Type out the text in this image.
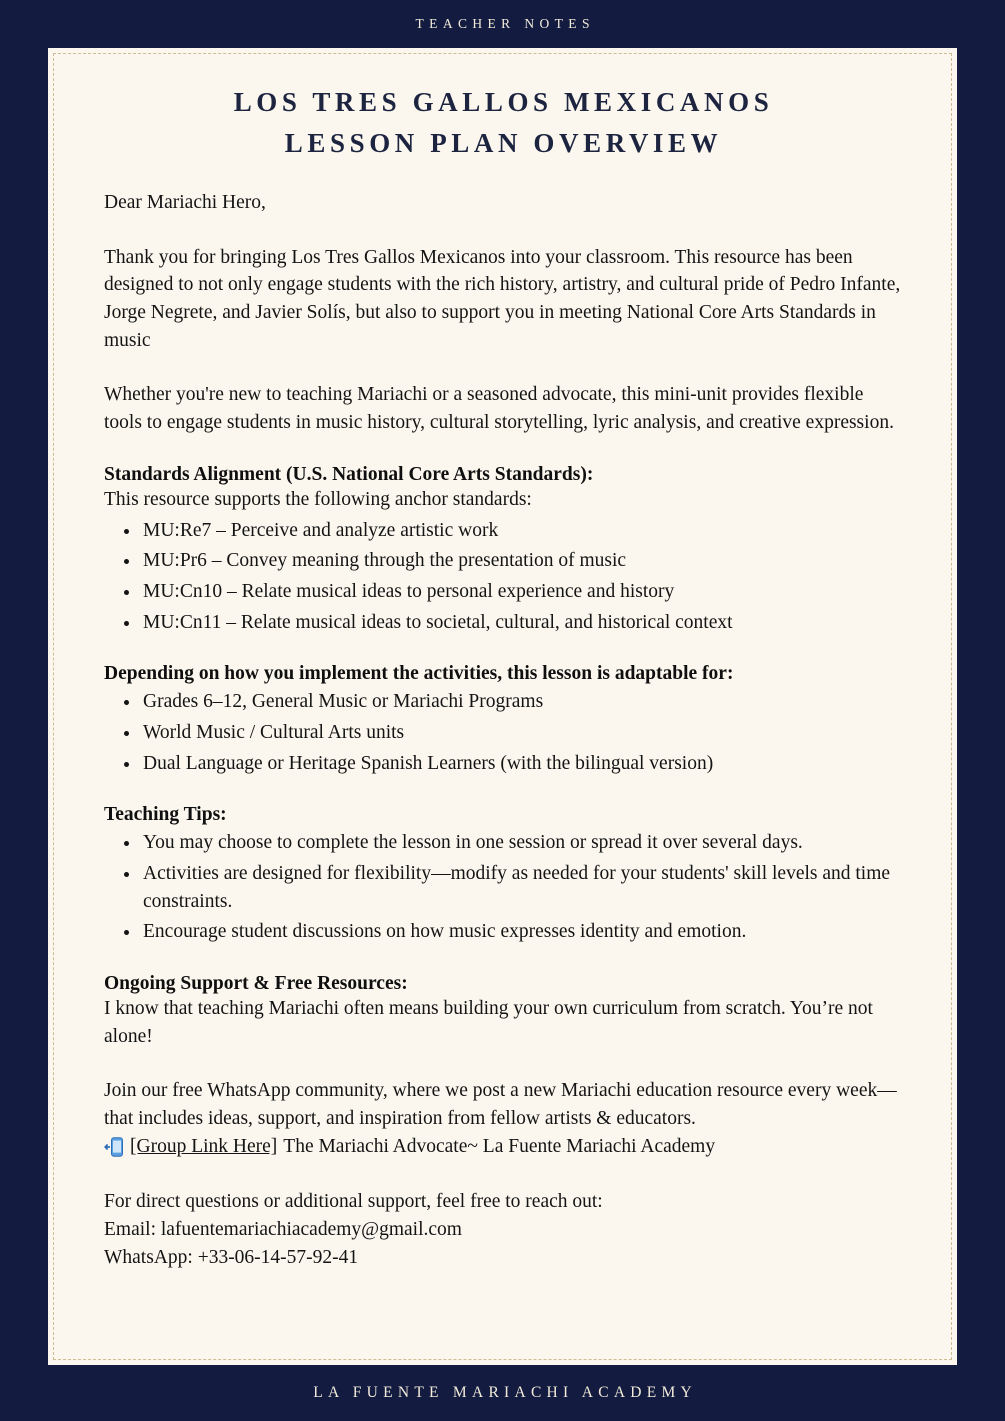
TEACHER NOTES
LOS TRES GALLOS MEXICANOS
LESSON PLAN OVERVIEW

Dear Mariachi Hero,

Thank you for bringing Los Tres Gallos Mexicanos into your classroom. This resource has been designed to not only engage students with the rich history, artistry, and cultural pride of Pedro Infante, Jorge Negrete, and Javier Solís, but also to support you in meeting National Core Arts Standards in music

Whether you're new to teaching Mariachi or a seasoned advocate, this mini-unit provides flexible tools to engage students in music history, cultural storytelling, lyric analysis, and creative expression.

Standards Alignment (U.S. National Core Arts Standards):

This resource supports the following anchor standards:

• MU:Re7 – Perceive and analyze artistic work
• MU:Pr6 – Convey meaning through the presentation of music
• MU:Cn10 – Relate musical ideas to personal experience and history
• MU:Cn11 – Relate musical ideas to societal, cultural, and historical context
Depending on how you implement the activities, this lesson is adaptable for:
• Grades 6–12, General Music or Mariachi Programs
• World Music / Cultural Arts units
• Dual Language or Heritage Spanish Learners (with the bilingual version)
Teaching Tips:
• You may choose to complete the lesson in one session or spread it over several days.
• Activities are designed for flexibility—modify as needed for your students' skill levels and time constraints.
• Encourage student discussions on how music expresses identity and emotion.
Ongoing Support & Free Resources:

I know that teaching Mariachi often means building your own curriculum from scratch. You’re not alone!

Join our free WhatsApp community, where we post a new Mariachi education resource every week—that includes ideas, support, and inspiration from fellow artists & educators.

[Group Link Here] The Mariachi Advocate~ La Fuente Mariachi Academy

For direct questions or additional support, feel free to reach out:

Email: lafuentemariachiacademy@gmail.com

WhatsApp: +33-06-14-57-92-41

LA FUENTE MARIACHI ACADEMY
